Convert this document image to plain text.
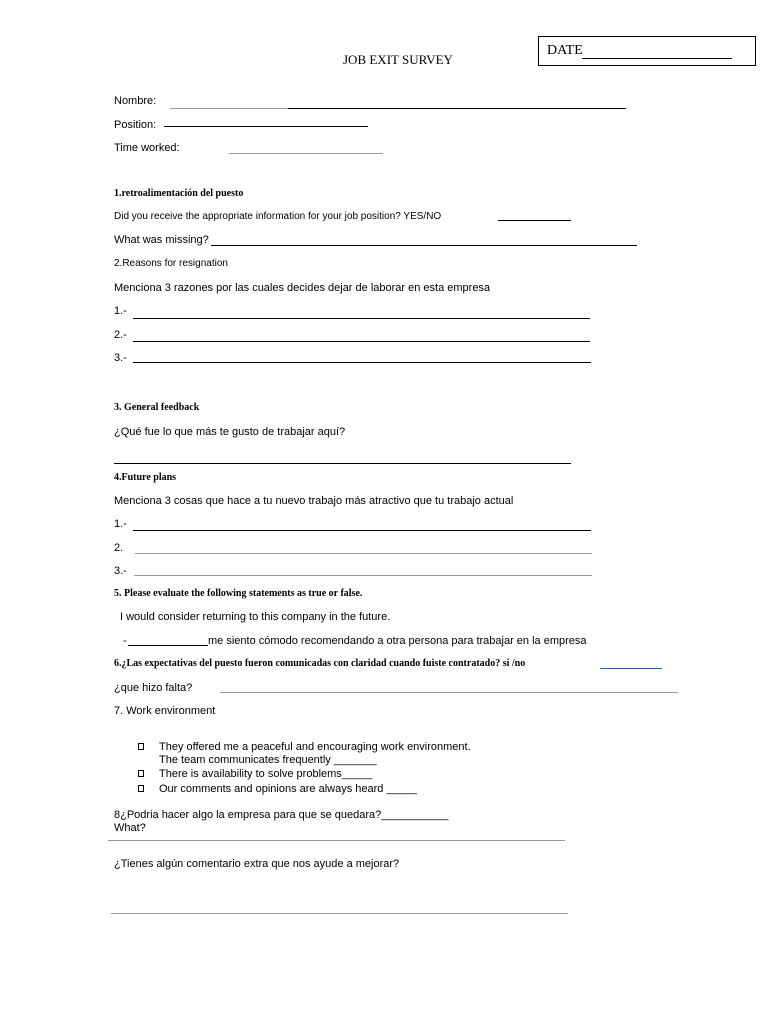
JOB EXIT SURVEY
DATE
Nombre:
Position:
Time worked:
1.retroalimentación del puesto
Did you receive the appropriate information for your job position? YES/NO
What was missing?
2.Reasons for resignation
Menciona 3 razones por las cuales decides dejar de laborar en esta empresa
1.-
2.-
3.-
3. General feedback
¿Qué fue lo que más te gusto de trabajar aquí?
4.Future plans
Menciona 3 cosas que hace a tu nuevo trabajo más atractivo que tu trabajo actual
1.-
2.
3.-
5. Please evaluate the following statements as true or false.
I would consider returning to this company in the future.
-	me siento cómodo recomendando a otra persona para trabajar en la empresa
6.¿Las expectativas del puesto fueron comunicadas con claridad cuando fuiste contratado? si /no
¿que hizo falta?
7. Work environment
They offered me a peaceful and encouraging work environment.
The team communicates frequently _______
There is availability to solve problems_____
Our comments and opinions are always heard _____
8¿Podria hacer algo la empresa para que se quedara?___________
What?
¿Tienes algún comentario extra que nos ayude a mejorar?
